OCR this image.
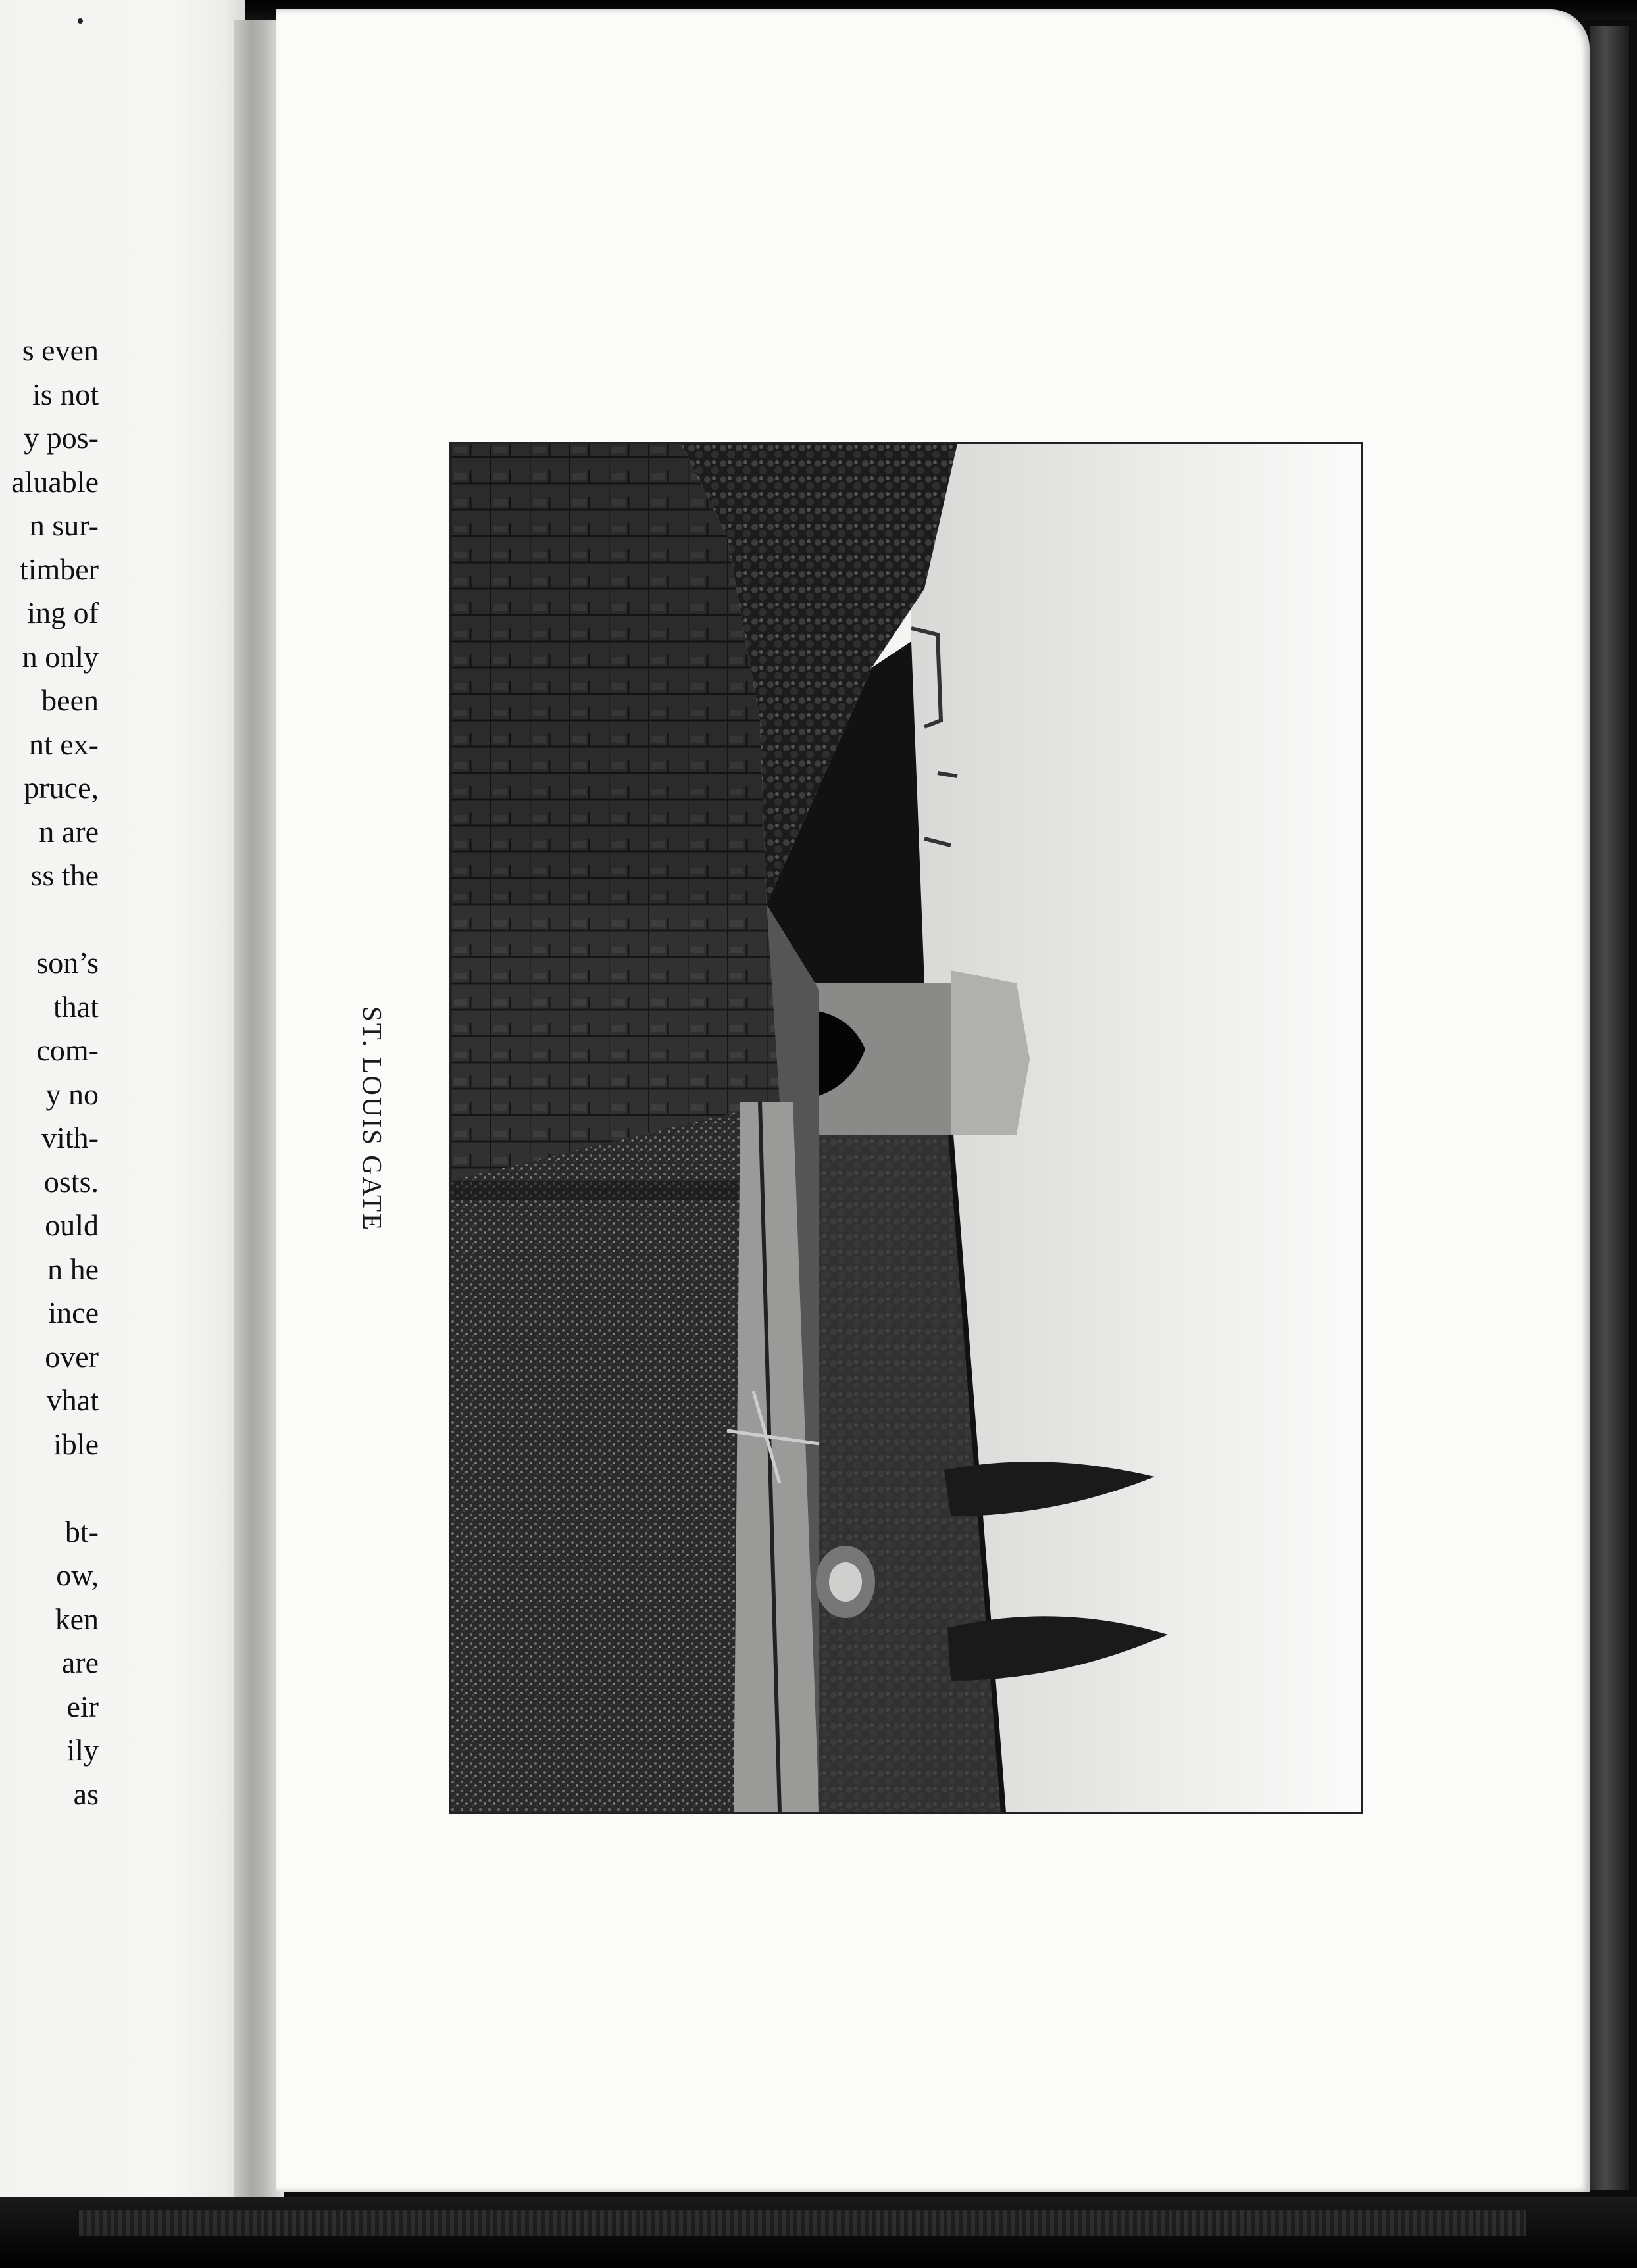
s even
is not
y pos-
aluable
n sur-
timber
ing of
n only
been
nt ex-
pruce,
n are
ss the
son’s
that
com-
y no
vith-
osts.
ould
n he
ince
over
vhat
ible
bt-
ow,
ken
are
eir
ily
as
ST. LOUIS GATE
